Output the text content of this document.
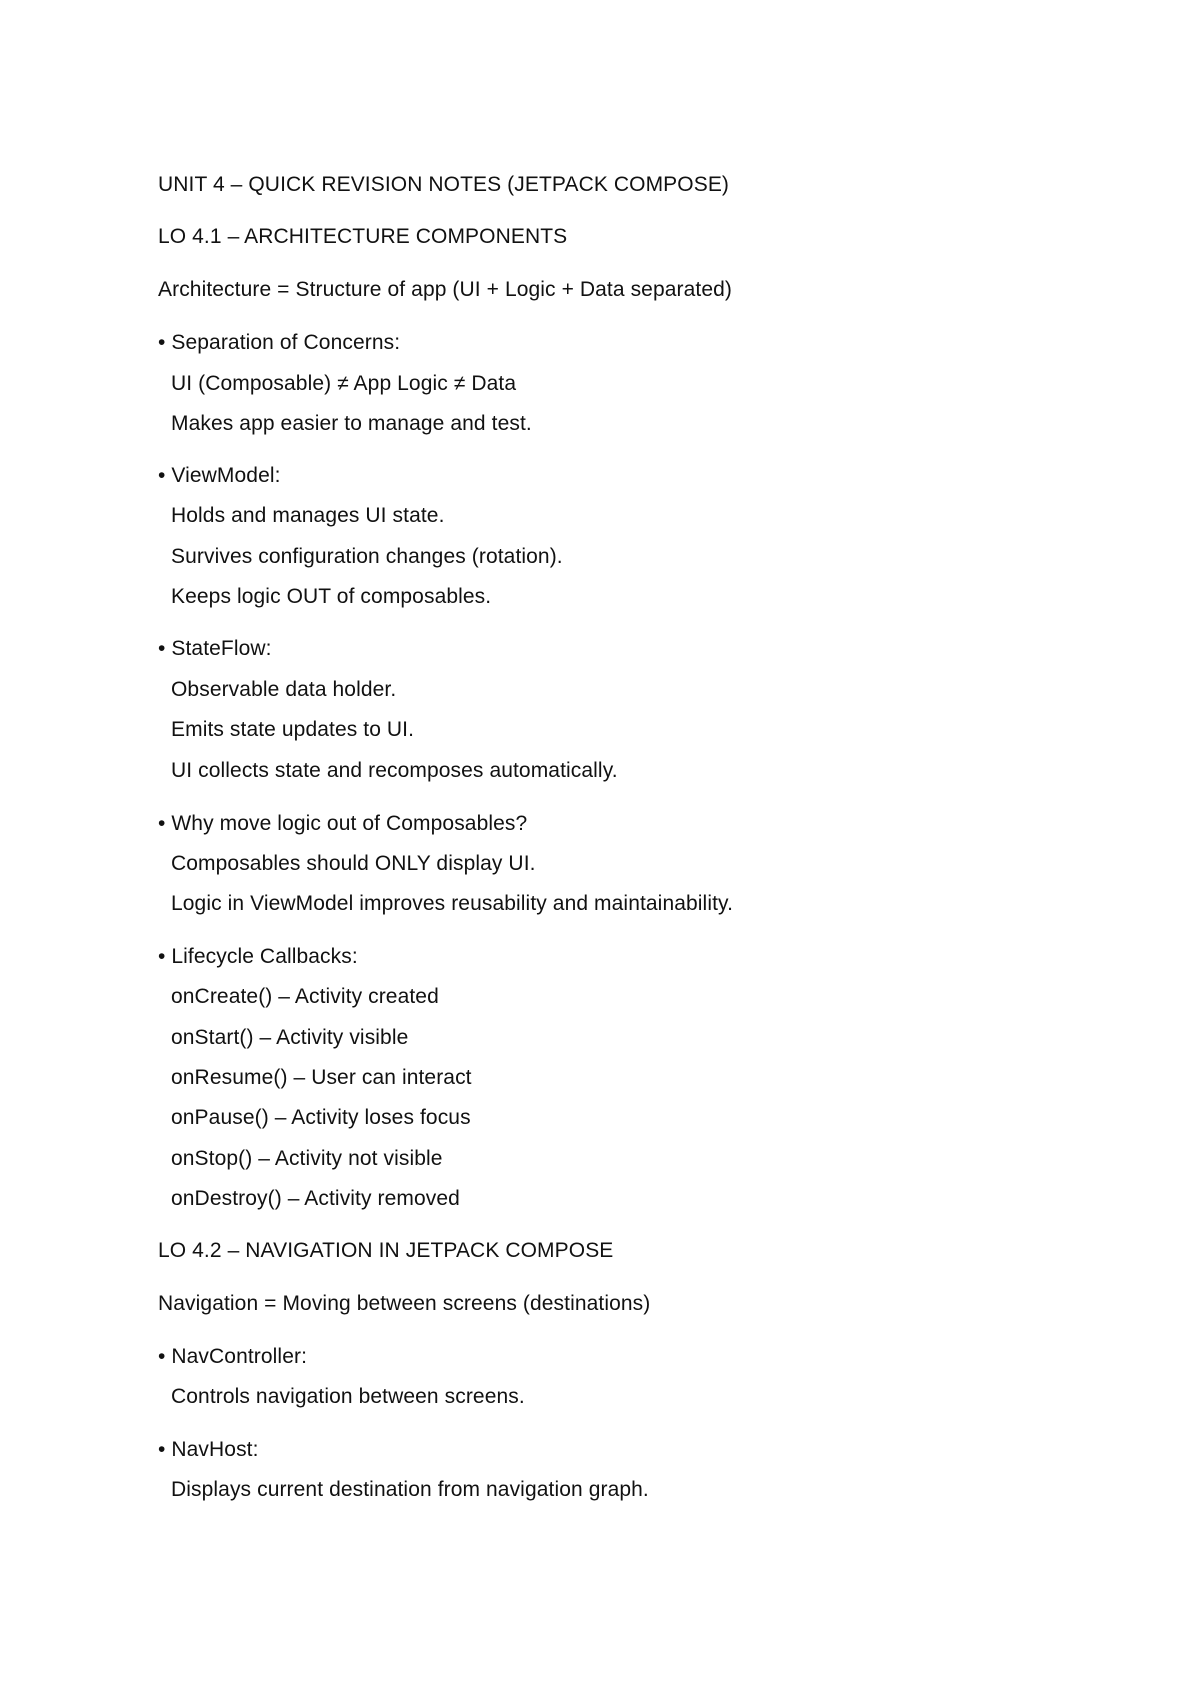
UNIT 4 – QUICK REVISION NOTES (JETPACK COMPOSE)
LO 4.1 – ARCHITECTURE COMPONENTS
Architecture = Structure of app (UI + Logic + Data separated)
• Separation of Concerns:
UI (Composable) ≠ App Logic ≠ Data
Makes app easier to manage and test.
• ViewModel:
Holds and manages UI state.
Survives configuration changes (rotation).
Keeps logic OUT of composables.
• StateFlow:
Observable data holder.
Emits state updates to UI.
UI collects state and recomposes automatically.
• Why move logic out of Composables?
Composables should ONLY display UI.
Logic in ViewModel improves reusability and maintainability.
• Lifecycle Callbacks:
onCreate() – Activity created
onStart() – Activity visible
onResume() – User can interact
onPause() – Activity loses focus
onStop() – Activity not visible
onDestroy() – Activity removed
LO 4.2 – NAVIGATION IN JETPACK COMPOSE
Navigation = Moving between screens (destinations)
• NavController:
Controls navigation between screens.
• NavHost:
Displays current destination from navigation graph.
